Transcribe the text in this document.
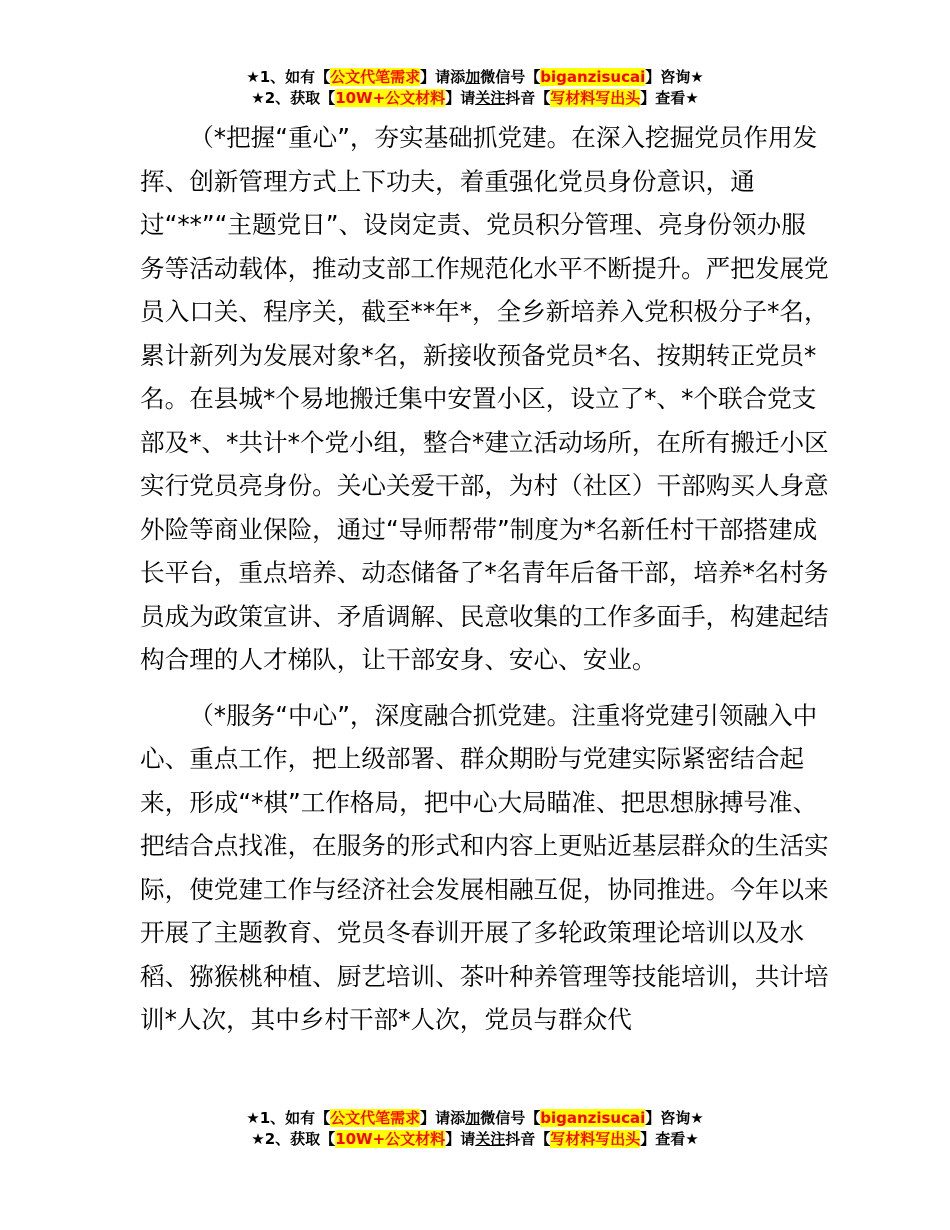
★1、如有【公文代笔需求】请添加微信号【biganzisucai】咨询★
★2、获取【10W+公文材料】请关注抖音【写材料写出头】查看★

（*把握“重心”，夯实基础抓党建。在深入挖掘党员作用发挥、创新管理方式上下功夫，着重强化党员身份意识，通过“**”“主题党日”、设岗定责、党员积分管理、亮身份领办服务等活动载体，推动支部工作规范化水平不断提升。严把发展党员入口关、程序关，截至**年*，全乡新培养入党积极分子*名，累计新列为发展对象*名，新接收预备党员*名、按期转正党员*名。在县城*个易地搬迁集中安置小区，设立了*、*个联合党支部及*、*共计*个党小组，整合*建立活动场所，在所有搬迁小区实行党员亮身份。关心关爱干部，为村（社区）干部购买人身意外险等商业保险，通过“导师帮带”制度为*名新任村干部搭建成长平台，重点培养、动态储备了*名青年后备干部，培养*名村务员成为政策宣讲、矛盾调解、民意收集的工作多面手，构建起结构合理的人才梯队，让干部安身、安心、安业。

（*服务“中心”，深度融合抓党建。注重将党建引领融入中心、重点工作，把上级部署、群众期盼与党建实际紧密结合起来，形成“*棋”工作格局，把中心大局瞄准、把思想脉搏号准、把结合点找准，在服务的形式和内容上更贴近基层群众的生活实际，使党建工作与经济社会发展相融互促，协同推进。今年以来开展了主题教育、党员冬春训开展了多轮政策理论培训以及水稻、猕猴桃种植、厨艺培训、茶叶种养管理等技能培训，共计培训*人次，其中乡村干部*人次，党员与群众代

★1、如有【公文代笔需求】请添加微信号【biganzisucai】咨询★
★2、获取【10W+公文材料】请关注抖音【写材料写出头】查看★
